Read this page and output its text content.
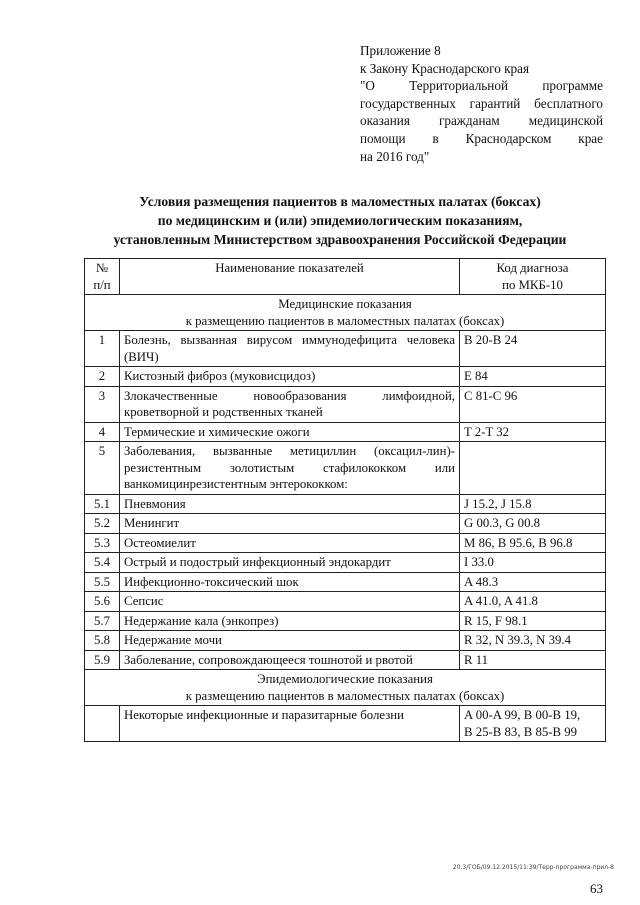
Приложение 8
к Закону Краснодарского края
"О Территориальной программе
государственных гарантий бесплатного
оказания гражданам медицинской
помощи в Краснодарском крае
на 2016 год"
Условия размещения пациентов в маломестных палатах (боксах)
по медицинским и (или) эпидемиологическим показаниям,
установленным Министерством здравоохранения Российской Федерации
№
п/п	Наименование показателей	Код диагноза
по МКБ-10

Медицинские показания
к размещению пациентов в маломестных палатах (боксах)		

1	Болезнь, вызванная вирусом иммунодефицита человека (ВИЧ)	B 20-B 24
2	Кистозный фиброз (муковисцидоз)	E 84
3	Злокачественные новообразования лимфоидной, кроветворной и родственных тканей	C 81-C 96
4	Термические и химические ожоги	T 2-T 32
5	Заболевания, вызванные метициллин (оксацил-лин)-резистентным золотистым стафилококком или ванкомицинрезистентным энтерококком:	
5.1	Пневмония	J 15.2, J 15.8
5.2	Менингит	G 00.3, G 00.8
5.3	Остеомиелит	M 86, B 95.6, B 96.8
5.4	Острый и подострый инфекционный эндокардит	I 33.0
5.5	Инфекционно-токсический шок	A 48.3
5.6	Сепсис	A 41.0, A 41.8
5.7	Недержание кала (энкопрез)	R 15, F 98.1
5.8	Недержание мочи	R 32, N 39.3, N 39.4
5.9	Заболевание, сопровождающееся тошнотой и рвотой	R 11

Эпидемиологические показания
к размещению пациентов в маломестных палатах (боксах)		

	Некоторые инфекционные и паразитарные болезни	A 00-A 99, B 00-B 19,
B 25-B 83, B 85-B 99
20.3/ГОБ/09.12.2015/11:39/Терр-программа-прил-8
63
